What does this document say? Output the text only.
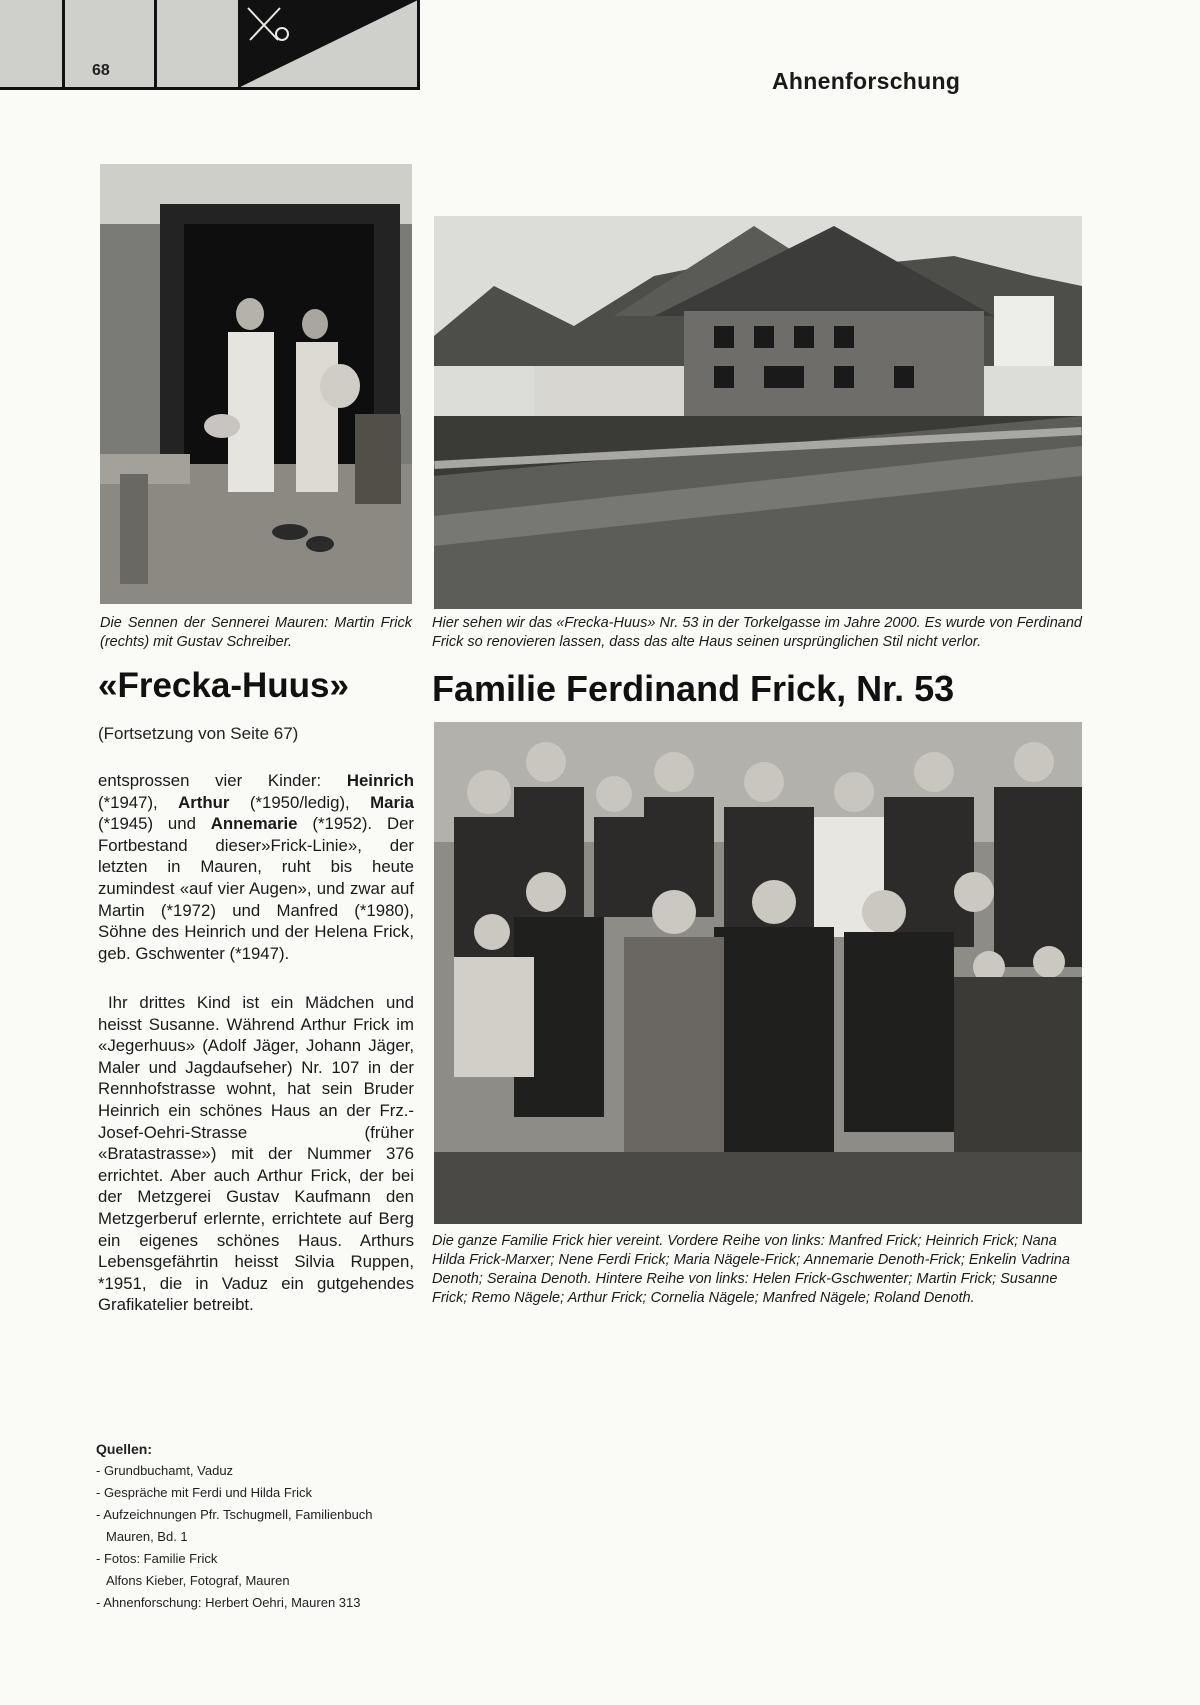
68	Ahnenforschung
Die Sennen der Sennerei Mauren: Martin Frick (rechts) mit Gustav Schreiber.
Hier sehen wir das «Frecka-Huus» Nr. 53 in der Torkelgasse im Jahre 2000. Es wurde von Ferdinand Frick so renovieren lassen, dass das alte Haus seinen ursprünglichen Stil nicht verlor.
«Frecka-Huus» Familie Ferdinand Frick, Nr. 53
(Fortsetzung von Seite 67)
entsprossen vier Kinder: Heinrich (*1947), Arthur (*1950/ledig), Maria (*1945) und Annemarie (*1952). Der Fortbestand dieser»Frick-Linie», der letzten in Mauren, ruht bis heute zumindest «auf vier Augen», und zwar auf Martin (*1972) und Manfred (*1980), Söhne des Heinrich und der Helena Frick, geb. Gschwenter (*1947).
Ihr drittes Kind ist ein Mädchen und heisst Susanne. Während Arthur Frick im «Jegerhuus» (Adolf Jäger, Johann Jäger, Maler und Jagdaufseher) Nr. 107 in der Rennhofstrasse wohnt, hat sein Bruder Heinrich ein schönes Haus an der Frz.-Josef-Oehri-Strasse (früher «Bratastrasse») mit der Nummer 376 errichtet. Aber auch Arthur Frick, der bei der Metzgerei Gustav Kaufmann den Metzgerberuf erlernte, errichtete auf Berg ein eigenes schönes Haus. Arthurs Lebensgefährtin heisst Silvia Ruppen, *1951, die in Vaduz ein gutgehendes Grafikatelier betreibt.
Die ganze Familie Frick hier vereint. Vordere Reihe von links: Manfred Frick; Heinrich Frick; Nana Hilda Frick-Marxer; Nene Ferdi Frick; Maria Nägele-Frick; Annemarie Denoth-Frick; Enkelin Vadrina Denoth; Seraina Denoth. Hintere Reihe von links: Helen Frick-Gschwenter; Martin Frick; Susanne Frick; Remo Nägele; Arthur Frick; Cornelia Nägele; Manfred Nägele; Roland Denoth.
Quellen:
- Grundbuchamt, Vaduz
- Gespräche mit Ferdi und Hilda Frick
- Aufzeichnungen Pfr. Tschugmell, Familienbuch
Mauren, Bd. 1
- Fotos: Familie Frick
Alfons Kieber, Fotograf, Mauren
- Ahnenforschung: Herbert Oehri, Mauren 313
